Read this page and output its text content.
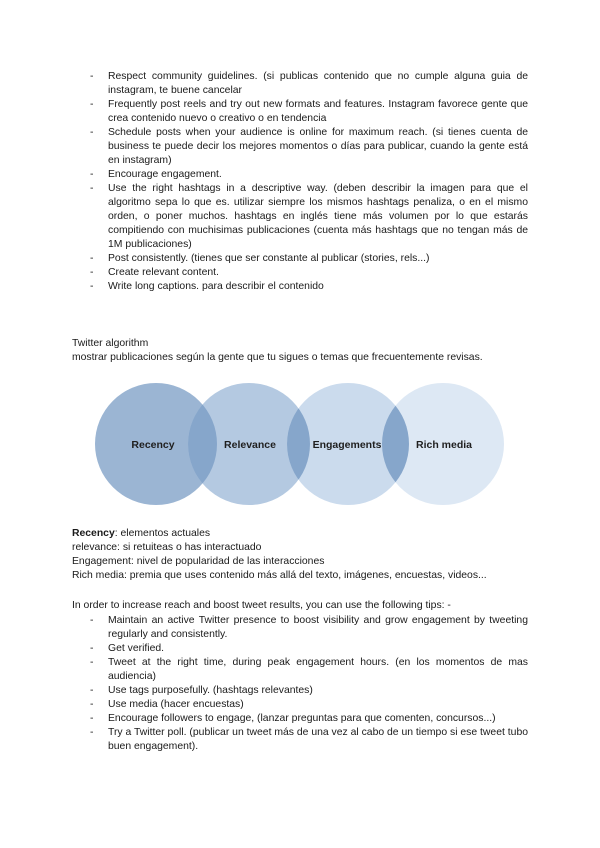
- Respect community guidelines. (si publicas contenido que no cumple alguna guia de instagram, te buene cancelar
- Frequently post reels and try out new formats and features. Instagram favorece gente que crea contenido nuevo o creativo o en tendencia
- Schedule posts when your audience is online for maximum reach. (si tienes cuenta de business te puede decir los mejores momentos o días para publicar, cuando la gente está en instagram)
- Encourage engagement.
- Use the right hashtags in a descriptive way. (deben describir la imagen para que el algoritmo sepa lo que es. utilizar siempre los mismos hashtags penaliza, o en el mismo orden, o poner muchos. hashtags en inglés tiene más volumen por lo que estarás compitiendo con muchisimas publicaciones (cuenta más hashtags que no tengan más de 1M publicaciones)
- Post consistently. (tienes que ser constante al publicar (stories, rels...)
- Create relevant content.
- Write long captions. para describir el contenido
Twitter algorithm
mostrar publicaciones según la gente que tu sigues o temas que frecuentemente revisas.
Recency	Relevance	Engagements	Rich media
Recency: elementos actuales
relevance: si retuiteas o has interactuado
Engagement: nivel de popularidad de las interacciones
Rich media: premia que uses contenido más allá del texto, imágenes, encuestas, videos...
In order to increase reach and boost tweet results, you can use the following tips: -
- Maintain an active Twitter presence to boost visibility and grow engagement by tweeting regularly and consistently.
- Get verified.
- Tweet at the right time, during peak engagement hours. (en los momentos de mas audiencia)
- Use tags purposefully. (hashtags relevantes)
- Use media (hacer encuestas)
- Encourage followers to engage, (lanzar preguntas para que comenten, concursos...)
- Try a Twitter poll. (publicar un tweet más de una vez al cabo de un tiempo si ese tweet tubo buen engagement).
